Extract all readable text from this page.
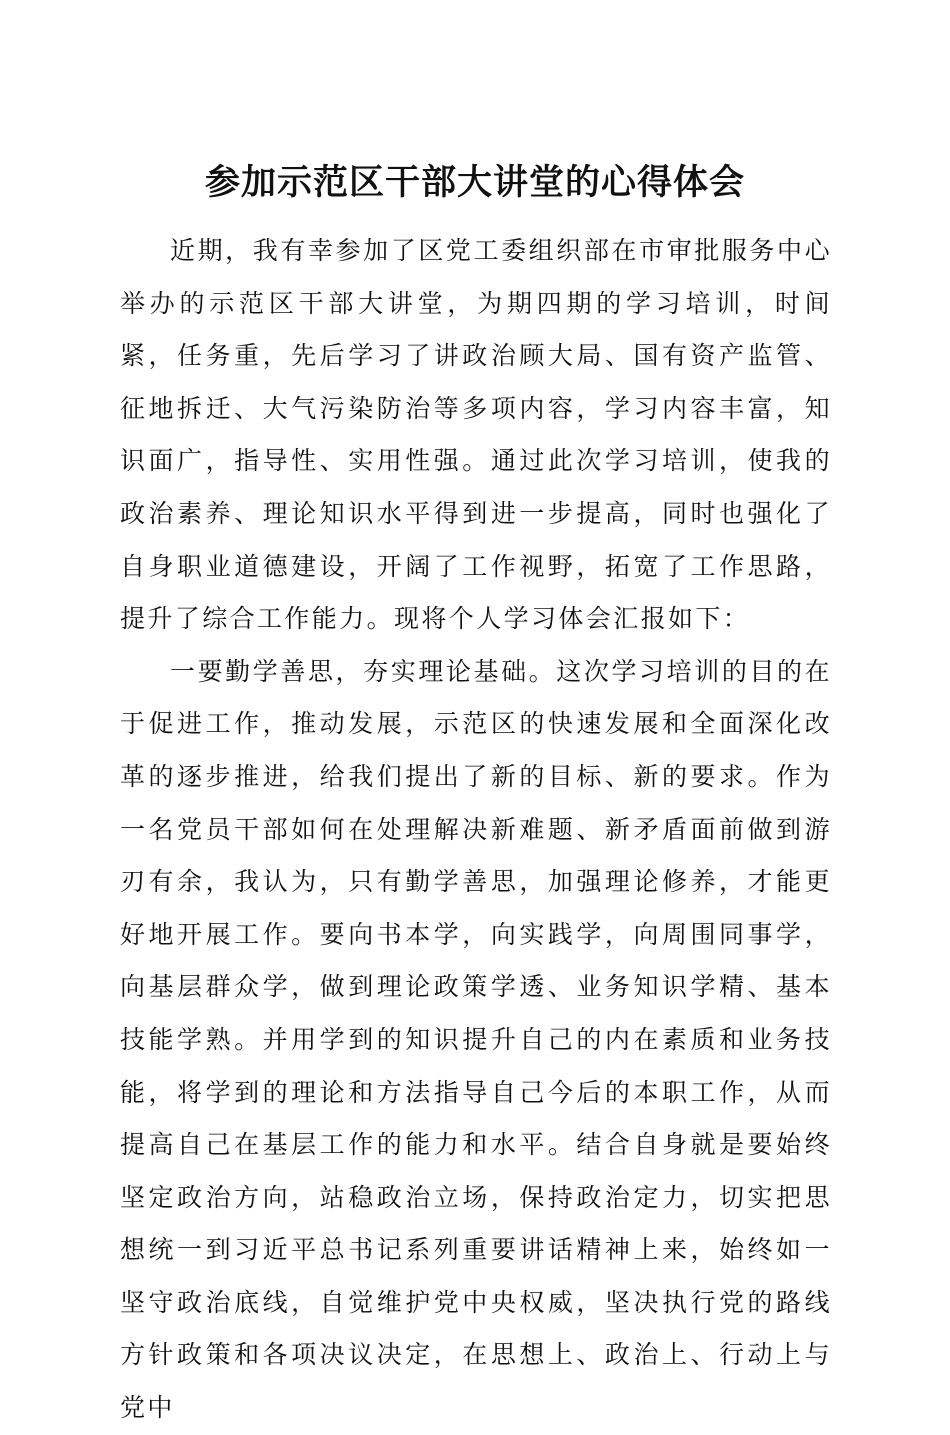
参加示范区干部大讲堂的心得体会

近期，我有幸参加了区党工委组织部在市审批服务中心举办的示范区干部大讲堂，为期四期的学习培训，时间紧，任务重，先后学习了讲政治顾大局、国有资产监管、征地拆迁、大气污染防治等多项内容，学习内容丰富，知识面广，指导性、实用性强。通过此次学习培训，使我的政治素养、理论知识水平得到进一步提高，同时也强化了自身职业道德建设，开阔了工作视野，拓宽了工作思路，提升了综合工作能力。现将个人学习体会汇报如下：

一要勤学善思，夯实理论基础。这次学习培训的目的在于促进工作，推动发展，示范区的快速发展和全面深化改革的逐步推进，给我们提出了新的目标、新的要求。作为一名党员干部如何在处理解决新难题、新矛盾面前做到游刃有余，我认为，只有勤学善思，加强理论修养，才能更好地开展工作。要向书本学，向实践学，向周围同事学，向基层群众学，做到理论政策学透、业务知识学精、基本技能学熟。并用学到的知识提升自己的内在素质和业务技能，将学到的理论和方法指导自己今后的本职工作，从而提高自己在基层工作的能力和水平。结合自身就是要始终坚定政治方向，站稳政治立场，保持政治定力，切实把思想统一到习近平总书记系列重要讲话精神上来，始终如一坚守政治底线，自觉维护党中央权威，坚决执行党的路线方针政策和各项决议决定，在思想上、政治上、行动上与党中
